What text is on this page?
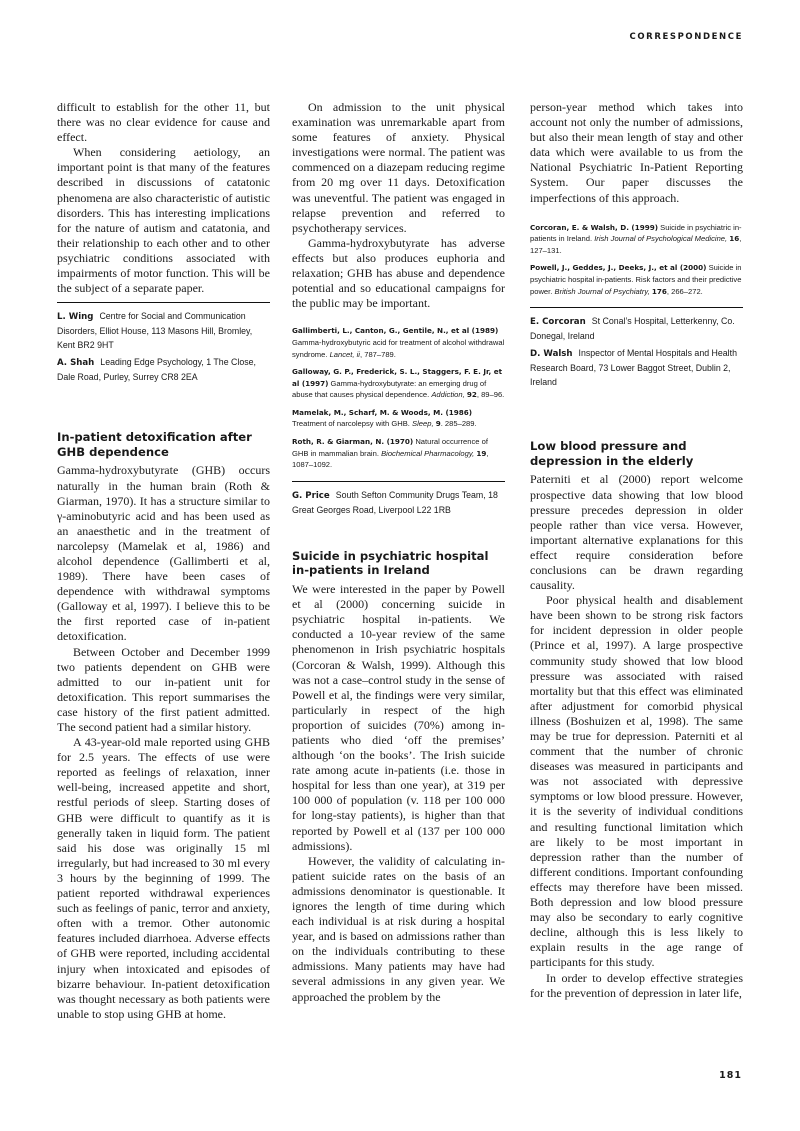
CORRESPONDENCE

difficult to establish for the other 11, but there was no clear evidence for cause and effect.

When considering aetiology, an important point is that many of the features described in discussions of catatonic phenomena are also characteristic of autistic disorders. This has interesting implications for the nature of autism and catatonia, and their relationship to each other and to other psychiatric conditions associated with impairments of motor function. This will be the subject of a separate paper.

L. Wing Centre for Social and Communication Disorders, Elliot House, 113 Masons Hill, Bromley, Kent BR2 9HT

A. Shah Leading Edge Psychology, 1 The Close, Dale Road, Purley, Surrey CR8 2EA

In-patient detoxification after GHB dependence

Gamma-hydroxybutyrate (GHB) occurs naturally in the human brain (Roth & Giarman, 1970). It has a structure similar to γ-aminobutyric acid and has been used as an anaesthetic and in the treatment of narcolepsy (Mamelak et al, 1986) and alcohol dependence (Gallimberti et al, 1989). There have been cases of dependence with withdrawal symptoms (Galloway et al, 1997). I believe this to be the first reported case of in-patient detoxification.

Between October and December 1999 two patients dependent on GHB were admitted to our in-patient unit for detoxification. This report summarises the case history of the first patient admitted. The second patient had a similar history.

A 43-year-old male reported using GHB for 2.5 years. The effects of use were reported as feelings of relaxation, inner well-being, increased appetite and short, restful periods of sleep. Starting doses of GHB were difficult to quantify as it is generally taken in liquid form. The patient said his dose was originally 15 ml irregularly, but had increased to 30 ml every 3 hours by the beginning of 1999. The patient reported withdrawal experiences such as feelings of panic, terror and anxiety, often with a tremor. Other autonomic features included diarrhoea. Adverse effects of GHB were reported, including accidental injury when intoxicated and episodes of bizarre behaviour. In-patient detoxification was thought necessary as both patients were unable to stop using GHB at home.

On admission to the unit physical examination was unremarkable apart from some features of anxiety. Physical investigations were normal. The patient was commenced on a diazepam reducing regime from 20 mg over 11 days. Detoxification was uneventful. The patient was engaged in relapse prevention and referred to psychotherapy services.

Gamma-hydroxybutyrate has adverse effects but also produces euphoria and relaxation; GHB has abuse and dependence potential and so educational campaigns for the public may be important.

Gallimberti, L., Canton, G., Gentile, N., et al (1989) Gamma-hydroxybutyric acid for treatment of alcohol withdrawal syndrome. Lancet, ii, 787–789.

Galloway, G. P., Frederick, S. L., Staggers, F. E. Jr, et al (1997) Gamma-hydroxybutyrate: an emerging drug of abuse that causes physical dependence. Addiction, 92, 89–96.

Mamelak, M., Scharf, M. & Woods, M. (1986) Treatment of narcolepsy with GHB. Sleep, 9. 285–289.

Roth, R. & Giarman, N. (1970) Natural occurrence of GHB in mammalian brain. Biochemical Pharmacology, 19, 1087–1092.

G. Price South Sefton Community Drugs Team, 18 Great Georges Road, Liverpool L22 1RB

Suicide in psychiatric hospital in-patients in Ireland

We were interested in the paper by Powell et al (2000) concerning suicide in psychiatric hospital in-patients. We conducted a 10-year review of the same phenomenon in Irish psychiatric hospitals (Corcoran & Walsh, 1999). Although this was not a case–control study in the sense of Powell et al, the findings were very similar, particularly in respect of the high proportion of suicides (70%) among in-patients who died ‘off the premises’ although ‘on the books’. The Irish suicide rate among acute in-patients (i.e. those in hospital for less than one year), at 319 per 100 000 of population (v. 118 per 100 000 for long-stay patients), is higher than that reported by Powell et al (137 per 100 000 admissions).

However, the validity of calculating in-patient suicide rates on the basis of an admissions denominator is questionable. It ignores the length of time during which each individual is at risk during a hospital year, and is based on admissions rather than on the individuals contributing to these admissions. Many patients may have had several admissions in any given year. We approached the problem by the

person-year method which takes into account not only the number of admissions, but also their mean length of stay and other data which were available to us from the National Psychiatric In-Patient Reporting System. Our paper discusses the imperfections of this approach.

Corcoran, E. & Walsh, D. (1999) Suicide in psychiatric in-patients in Ireland. Irish Journal of Psychological Medicine, 16, 127–131.

Powell, J., Geddes, J., Deeks, J., et al (2000) Suicide in psychiatric hospital in-patients. Risk factors and their predictive power. British Journal of Psychiatry, 176, 266–272.

E. Corcoran St Conal’s Hospital, Letterkenny, Co. Donegal, Ireland

D. Walsh Inspector of Mental Hospitals and Health Research Board, 73 Lower Baggot Street, Dublin 2, Ireland

Low blood pressure and depression in the elderly

Paterniti et al (2000) report welcome prospective data showing that low blood pressure precedes depression in older people rather than vice versa. However, important alternative explanations for this effect require consideration before conclusions can be drawn regarding causality.

Poor physical health and disablement have been shown to be strong risk factors for incident depression in older people (Prince et al, 1997). A large prospective community study showed that low blood pressure was associated with raised mortality but that this effect was eliminated after adjustment for comorbid physical illness (Boshuizen et al, 1998). The same may be true for depression. Paterniti et al comment that the number of chronic diseases was measured in participants and was not associated with depressive symptoms or low blood pressure. However, it is the severity of individual conditions and resulting functional limitation which are likely to be most important in depression rather than the number of different conditions. Important confounding effects may therefore have been missed. Both depression and low blood pressure may also be secondary to early cognitive decline, although this is less likely to explain results in the age range of participants for this study.

In order to develop effective strategies for the prevention of depression in later life,

181
